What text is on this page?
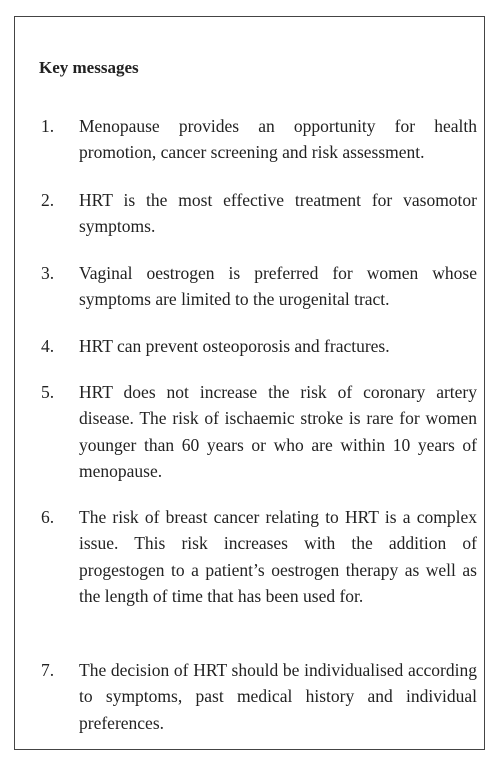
Key messages
1.	Menopause provides an opportunity for health promotion, cancer screening and risk assessment.
2.	HRT is the most effective treatment for vasomotor symptoms.
3.	Vaginal oestrogen is preferred for women whose symptoms are limited to the urogenital tract.
4.	HRT can prevent osteoporosis and fractures.
5.	HRT does not increase the risk of coronary artery disease. The risk of ischaemic stroke is rare for women younger than 60 years or who are within 10 years of menopause.
6.	The risk of breast cancer relating to HRT is a complex issue. This risk increases with the addition of progestogen to a patient’s oestrogen therapy as well as the length of time that has been used for.
7.	The decision of HRT should be individualised according to symptoms, past medical history and individual preferences.
